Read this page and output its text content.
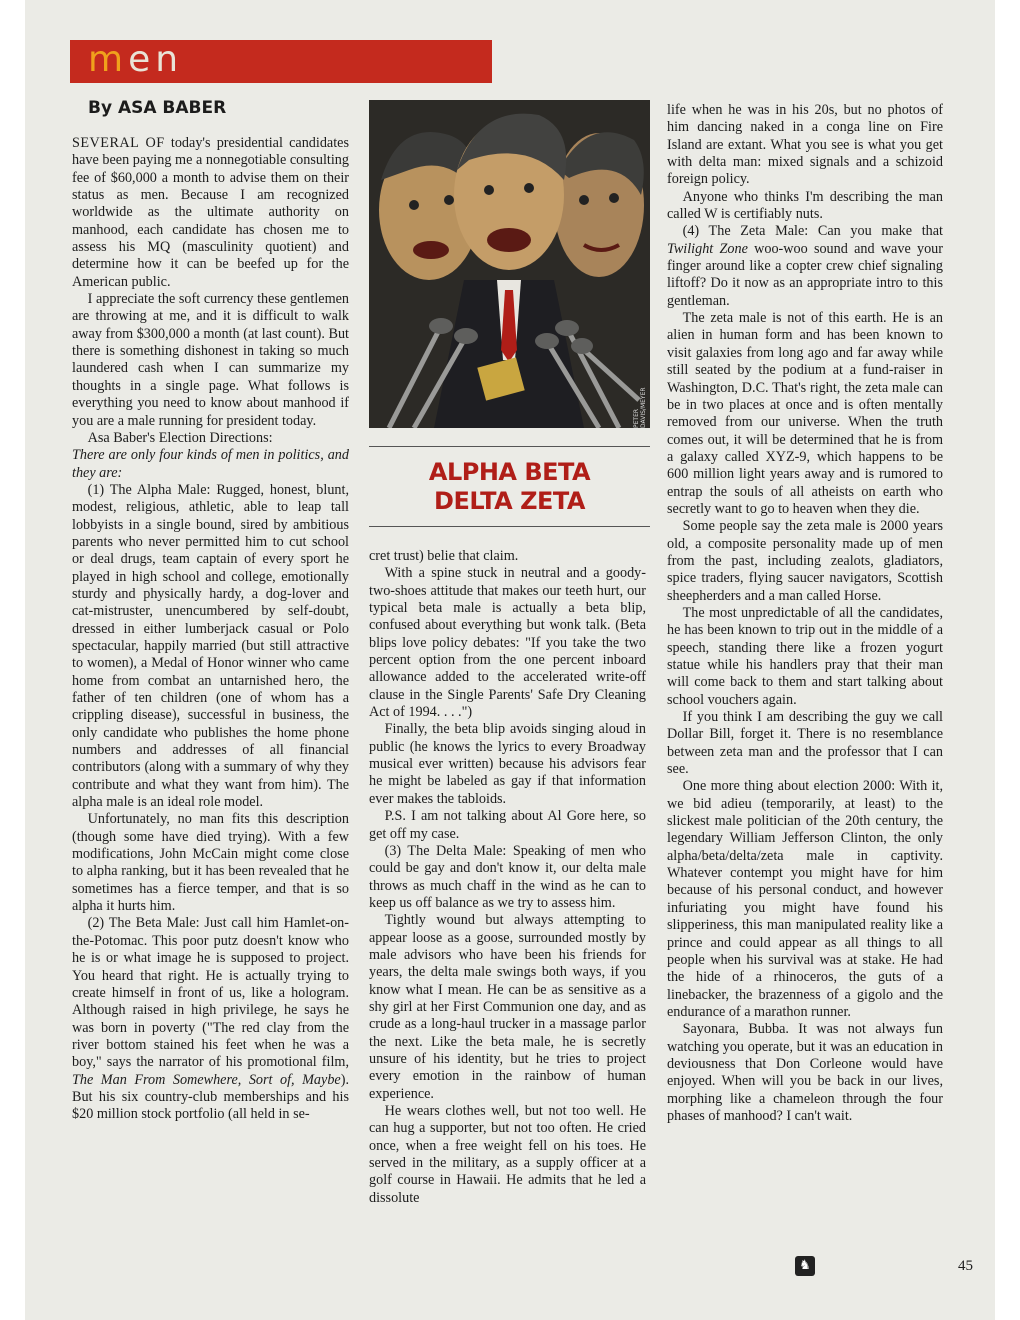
men
By ASA BABER

SEVERAL OF today's presidential candidates have been paying me a nonnegotiable consulting fee of $60,000 a month to advise them on their status as men. Because I am recognized worldwide as the ultimate authority on manhood, each candidate has chosen me to assess his MQ (masculinity quotient) and determine how it can be beefed up for the American public.

I appreciate the soft currency these gentlemen are throwing at me, and it is difficult to walk away from $300,000 a month (at last count). But there is something dishonest in taking so much laundered cash when I can summarize my thoughts in a single page. What follows is everything you need to know about manhood if you are a male running for president today.

Asa Baber's Election Directions:

There are only four kinds of men in politics, and they are:

(1) The Alpha Male: Rugged, honest, blunt, modest, religious, athletic, able to leap tall lobbyists in a single bound, sired by ambitious parents who never permitted him to cut school or deal drugs, team captain of every sport he played in high school and college, emotionally sturdy and physically hardy, a dog-lover and cat-mistruster, unencumbered by self-doubt, dressed in either lumberjack casual or Polo spectacular, happily married (but still attractive to women), a Medal of Honor winner who came home from combat an untarnished hero, the father of ten children (one of whom has a crippling disease), successful in business, the only candidate who publishes the home phone numbers and addresses of all financial contributors (along with a summary of why they contribute and what they want from him). The alpha male is an ideal role model.

Unfortunately, no man fits this description (though some have died trying). With a few modifications, John McCain might come close to alpha ranking, but it has been revealed that he sometimes has a fierce temper, and that is so alpha it hurts him.

(2) The Beta Male: Just call him Hamlet-on-the-Potomac. This poor putz doesn't know who he is or what image he is supposed to project. You heard that right. He is actually trying to create himself in front of us, like a hologram. Although raised in high privilege, he says he was born in poverty ("The red clay from the river bottom stained his feet when he was a boy," says the narrator of his promotional film, The Man From Somewhere, Sort of, Maybe). But his six country-club memberships and his $20 million stock portfolio (all held in se-

PETER DAVIS/MEYER
ALPHA BETA
DELTA ZETA

cret trust) belie that claim.

With a spine stuck in neutral and a goody-two-shoes attitude that makes our teeth hurt, our typical beta male is actually a beta blip, confused about everything but wonk talk. (Beta blips love policy debates: "If you take the two percent option from the one percent inboard allowance added to the accelerated write-off clause in the Single Parents' Safe Dry Cleaning Act of 1994. . . .")

Finally, the beta blip avoids singing aloud in public (he knows the lyrics to every Broadway musical ever written) because his advisors fear he might be labeled as gay if that information ever makes the tabloids.

P.S. I am not talking about Al Gore here, so get off my case.

(3) The Delta Male: Speaking of men who could be gay and don't know it, our delta male throws as much chaff in the wind as he can to keep us off balance as we try to assess him.

Tightly wound but always attempting to appear loose as a goose, surrounded mostly by male advisors who have been his friends for years, the delta male swings both ways, if you know what I mean. He can be as sensitive as a shy girl at her First Communion one day, and as crude as a long-haul trucker in a massage parlor the next. Like the beta male, he is secretly unsure of his identity, but he tries to project every emotion in the rainbow of human experience.

He wears clothes well, but not too well. He can hug a supporter, but not too often. He cried once, when a free weight fell on his toes. He served in the military, as a supply officer at a golf course in Hawaii. He admits that he led a dissolute

life when he was in his 20s, but no photos of him dancing naked in a conga line on Fire Island are extant. What you see is what you get with delta man: mixed signals and a schizoid foreign policy.

Anyone who thinks I'm describing the man called W is certifiably nuts.

(4) The Zeta Male: Can you make that Twilight Zone woo-woo sound and wave your finger around like a copter crew chief signaling liftoff? Do it now as an appropriate intro to this gentleman.

The zeta male is not of this earth. He is an alien in human form and has been known to visit galaxies from long ago and far away while still seated by the podium at a fund-raiser in Washington, D.C. That's right, the zeta male can be in two places at once and is often mentally removed from our universe. When the truth comes out, it will be determined that he is from a galaxy called XYZ-9, which happens to be 600 million light years away and is rumored to entrap the souls of all atheists on earth who secretly want to go to heaven when they die.

Some people say the zeta male is 2000 years old, a composite personality made up of men from the past, including zealots, gladiators, spice traders, flying saucer navigators, Scottish sheepherders and a man called Horse.

The most unpredictable of all the candidates, he has been known to trip out in the middle of a speech, standing there like a frozen yogurt statue while his handlers pray that their man will come back to them and start talking about school vouchers again.

If you think I am describing the guy we call Dollar Bill, forget it. There is no resemblance between zeta man and the professor that I can see.

One more thing about election 2000: With it, we bid adieu (temporarily, at least) to the slickest male politician of the 20th century, the legendary William Jefferson Clinton, the only alpha/beta/delta/zeta male in captivity. Whatever contempt you might have for him because of his personal conduct, and however infuriating you might have found his slipperiness, this man manipulated reality like a prince and could appear as all things to all people when his survival was at stake. He had the hide of a rhinoceros, the guts of a linebacker, the brazenness of a gigolo and the endurance of a marathon runner.

Sayonara, Bubba. It was not always fun watching you operate, but it was an education in deviousness that Don Corleone would have enjoyed. When will you be back in our lives, morphing like a chameleon through the four phases of manhood? I can't wait.

♞	45
